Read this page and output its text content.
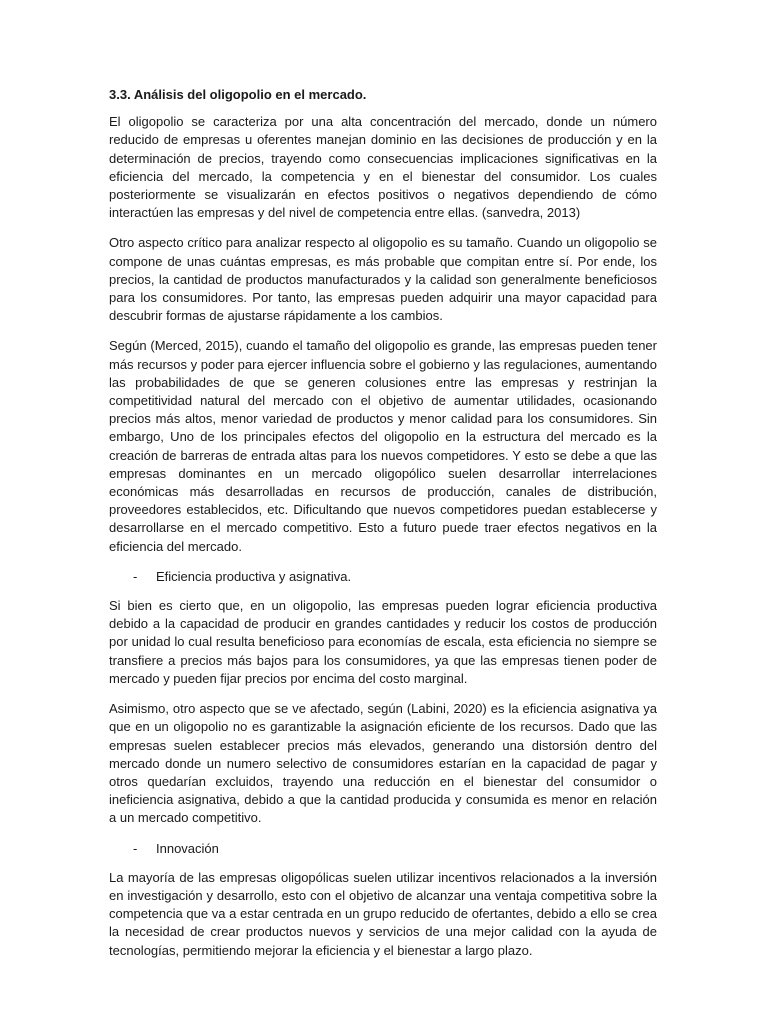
3.3. Análisis del oligopolio en el mercado.

El oligopolio se caracteriza por una alta concentración del mercado, donde un número reducido de empresas u oferentes manejan dominio en las decisiones de producción y en la determinación de precios, trayendo como consecuencias implicaciones significativas en la eficiencia del mercado, la competencia y en el bienestar del consumidor. Los cuales posteriormente se visualizarán en efectos positivos o negativos dependiendo de cómo interactúen las empresas y del nivel de competencia entre ellas. (sanvedra, 2013)

Otro aspecto crítico para analizar respecto al oligopolio es su tamaño. Cuando un oligopolio se compone de unas cuántas empresas, es más probable que compitan entre sí. Por ende, los precios, la cantidad de productos manufacturados y la calidad son generalmente beneficiosos para los consumidores. Por tanto, las empresas pueden adquirir una mayor capacidad para descubrir formas de ajustarse rápidamente a los cambios.

Según (Merced, 2015), cuando el tamaño del oligopolio es grande, las empresas pueden tener más recursos y poder para ejercer influencia sobre el gobierno y las regulaciones, aumentando las probabilidades de que se generen colusiones entre las empresas y restrinjan la competitividad natural del mercado con el objetivo de aumentar utilidades, ocasionando precios más altos, menor variedad de productos y menor calidad para los consumidores. Sin embargo, Uno de los principales efectos del oligopolio en la estructura del mercado es la creación de barreras de entrada altas para los nuevos competidores. Y esto se debe a que las empresas dominantes en un mercado oligopólico suelen desarrollar interrelaciones económicas más desarrolladas en recursos de producción, canales de distribución, proveedores establecidos, etc. Dificultando que nuevos competidores puedan establecerse y desarrollarse en el mercado competitivo. Esto a futuro puede traer efectos negativos en la eficiencia del mercado.

-	Eficiencia productiva y asignativa.

Si bien es cierto que, en un oligopolio, las empresas pueden lograr eficiencia productiva debido a la capacidad de producir en grandes cantidades y reducir los costos de producción por unidad lo cual resulta beneficioso para economías de escala, esta eficiencia no siempre se transfiere a precios más bajos para los consumidores, ya que las empresas tienen poder de mercado y pueden fijar precios por encima del costo marginal.

Asimismo, otro aspecto que se ve afectado, según (Labini, 2020) es la eficiencia asignativa ya que en un oligopolio no es garantizable la asignación eficiente de los recursos. Dado que las empresas suelen establecer precios más elevados, generando una distorsión dentro del mercado donde un numero selectivo de consumidores estarían en la capacidad de pagar y otros quedarían excluidos, trayendo una reducción en el bienestar del consumidor o ineficiencia asignativa, debido a que la cantidad producida y consumida es menor en relación a un mercado competitivo.

-	Innovación

La mayoría de las empresas oligopólicas suelen utilizar incentivos relacionados a la inversión en investigación y desarrollo, esto con el objetivo de alcanzar una ventaja competitiva sobre la competencia que va a estar centrada en un grupo reducido de ofertantes, debido a ello se crea la necesidad de crear productos nuevos y servicios de una mejor calidad con la ayuda de tecnologías, permitiendo mejorar la eficiencia y el bienestar a largo plazo.
